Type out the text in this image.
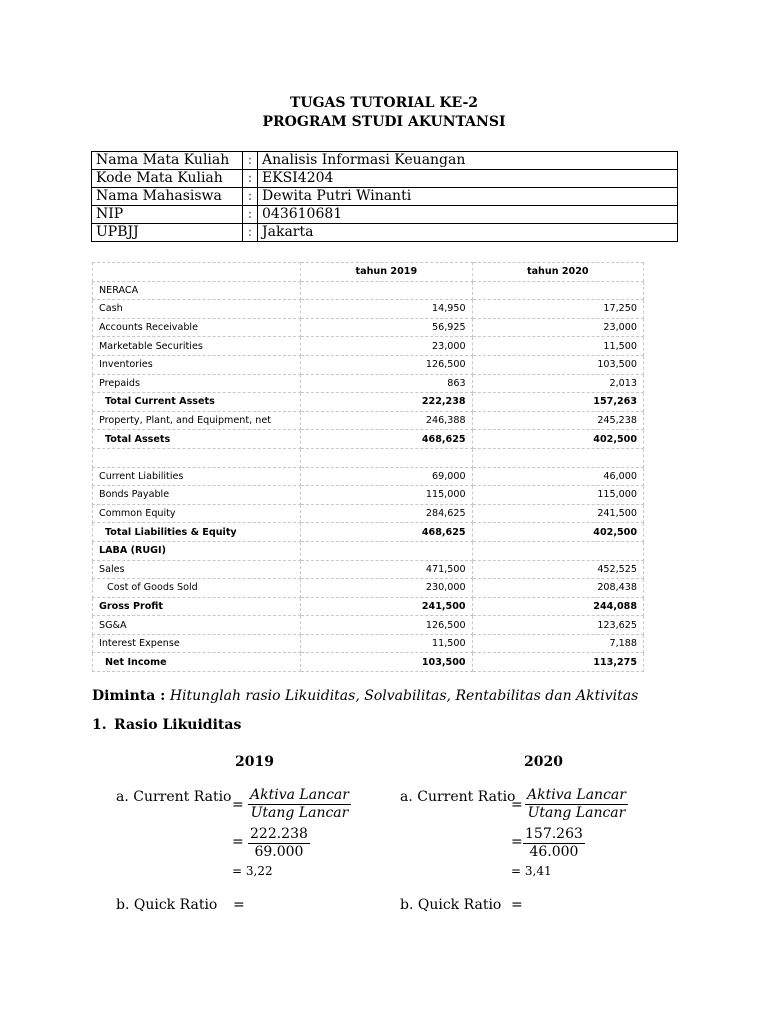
TUGAS TUTORIAL KE-2
PROGRAM STUDI AKUNTANSI
Nama Mata Kuliah	:	Analisis Informasi Keuangan
Kode Mata Kuliah	:	EKSI4204
Nama Mahasiswa	:	Dewita Putri Winanti
NIP	:	043610681
UPBJJ	:	Jakarta
	tahun 2019	tahun 2020
NERACA		
Cash	14,950	17,250
Accounts Receivable	56,925	23,000
Marketable Securities	23,000	11,500
Inventories	126,500	103,500
Prepaids	863	2,013
Total Current Assets	222,238	157,263
Property, Plant, and Equipment, net	246,388	245,238
Total Assets	468,625	402,500

Current Liabilities	69,000	46,000
Bonds Payable	115,000	115,000
Common Equity	284,625	241,500
Total Liabilities & Equity	468,625	402,500
LABA (RUGI)		
Sales	471,500	452,525
Cost of Goods Sold	230,000	208,438
Gross Profit	241,500	244,088
SG&A	126,500	123,625
Interest Expense	11,500	7,188
Net Income	103,500	113,275
Diminta : Hitunglah rasio Likuiditas, Solvabilitas, Rentabilitas dan Aktivitas
1. Rasio Likuiditas
2019	2020
a. Current Ratio =
Aktiva Lancar
Utang Lancar
= $\frac{222.238}{69.000}$
= 3,22
a. Current Ratio
=
Aktiva Lancar
Utang Lancar
= $\frac{157.263}{46.000}$
= 3,41
b. Quick Ratio =	b. Quick Ratio =
